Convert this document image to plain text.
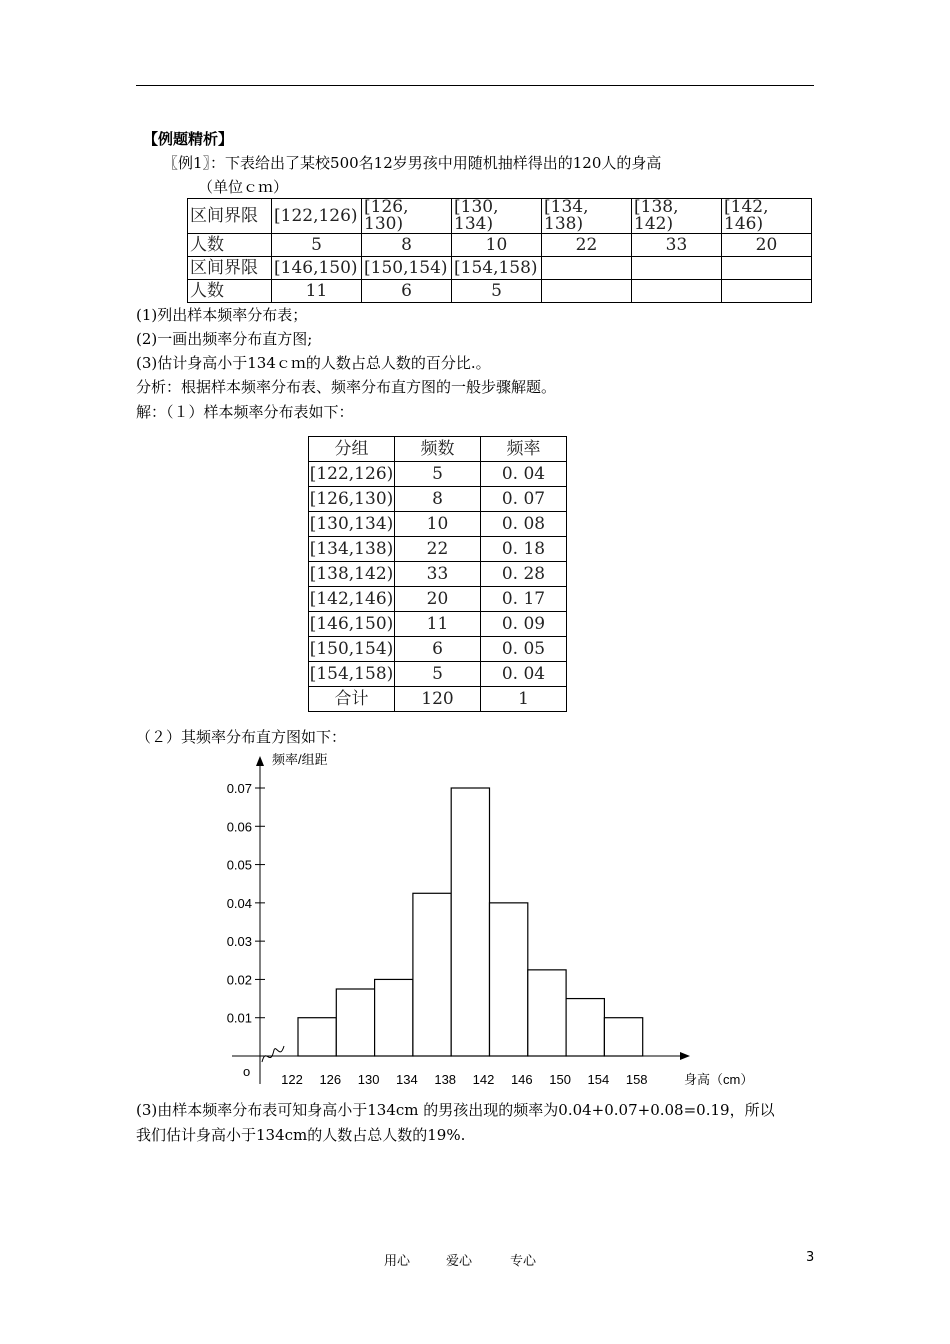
【例题精析】
〖例1〗：下表给出了某校500名12岁男孩中用随机抽样得出的120人的身高
（单位ｃｍ）
区间界限	[122,126)	[126, 130)	[130, 134)	[134, 138)	[138, 142)	[142, 146)
人数	5	8	10	22	33	20
区间界限	[146,150)	[150,154)	[154,158)			
人数	11	6	5			
(1)列出样本频率分布表；
(2)一画出频率分布直方图;
(3)估计身高小于134ｃｍ的人数占总人数的百分比.。
分析：根据样本频率分布表、频率分布直方图的一般步骤解题。
解：（１）样本频率分布表如下：
分组	频数	频率
[122,126)	5	0. 04
[126,130)	8	0. 07
[130,134)	10	0. 08
[134,138)	22	0. 18
[138,142)	33	0. 28
[142,146)	20	0. 17
[146,150)	11	0. 09
[150,154)	6	0. 05
[154,158)	5	0. 04
合计	120	1
（２）其频率分布直方图如下：
0.01
0.02
0.03
0.04
0.05
0.06
0.07
122 126 130 134 138 142 146 150 154 158
频率/组距
身高（cm）
o
(3)由样本频率分布表可知身高小于134cm 的男孩出现的频率为0.04+0.07+0.08=0.19，所以
我们估计身高小于134cm的人数占总人数的19%.
用心	爱心	专心	3
